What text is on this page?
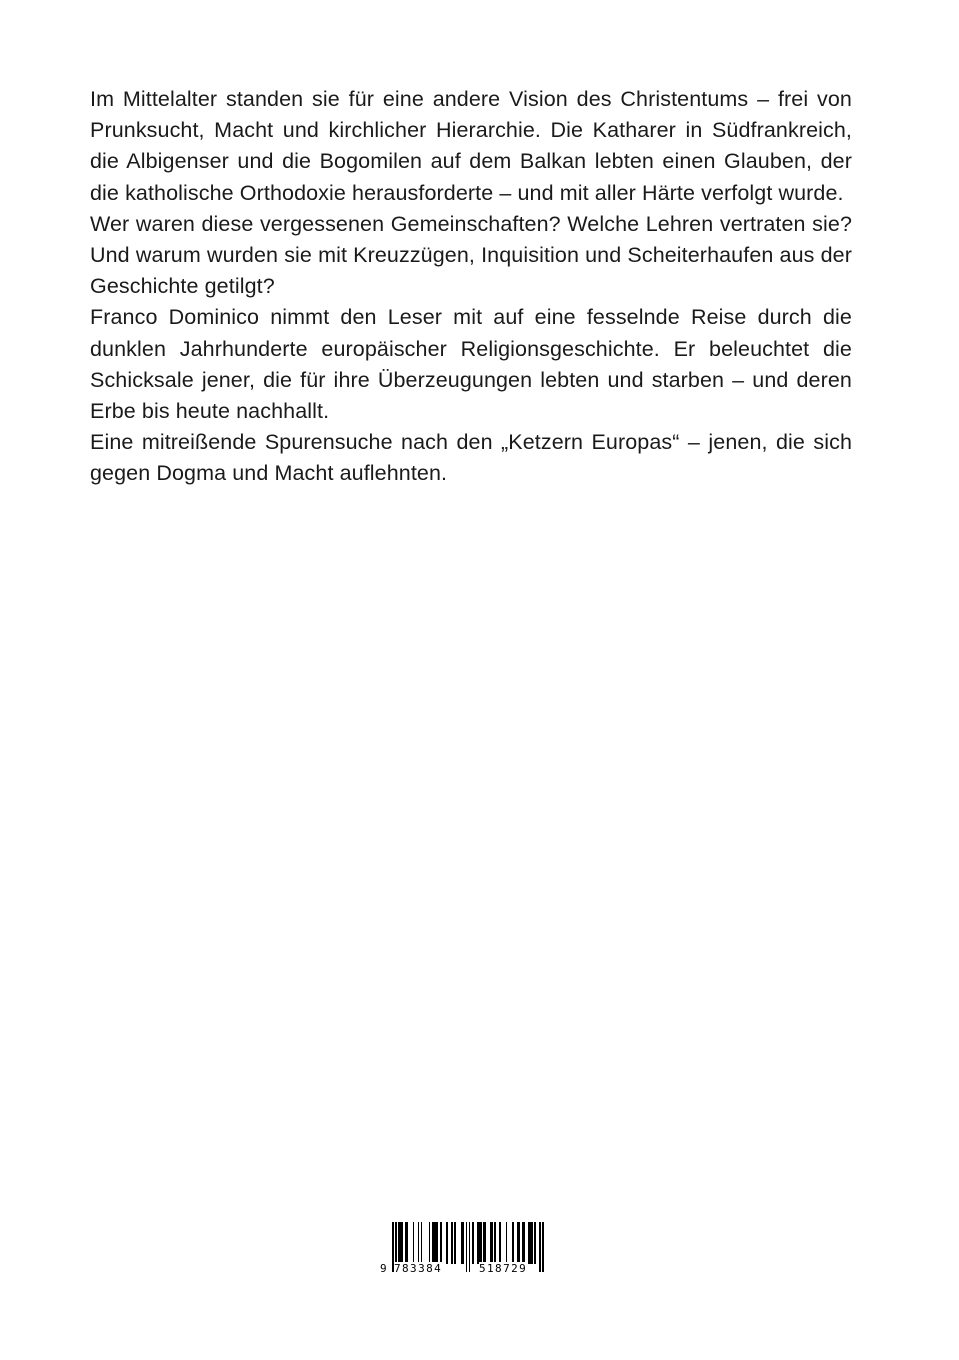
Im Mittelalter standen sie für eine andere Vision des Christentums – frei von Prunksucht, Macht und kirchlicher Hierarchie. Die Katharer in Südfrankreich, die Albigenser und die Bogomilen auf dem Balkan lebten einen Glauben, der die katholische Orthodoxie herausforderte – und mit aller Härte verfolgt wurde.

Wer waren diese vergessenen Gemeinschaften? Welche Lehren vertraten sie? Und warum wurden sie mit Kreuzzügen, Inquisition und Scheiterhaufen aus der Geschichte getilgt?

Franco Dominico nimmt den Leser mit auf eine fesselnde Reise durch die dunklen Jahrhunderte europäischer Religionsgeschichte. Er beleuchtet die Schicksale jener, die für ihre Überzeugungen lebten und starben – und deren Erbe bis heute nachhallt.

Eine mitreißende Spurensuche nach den „Ketzern Europas“ – jenen, die sich gegen Dogma und Macht auflehnten.

9 783384	518729
